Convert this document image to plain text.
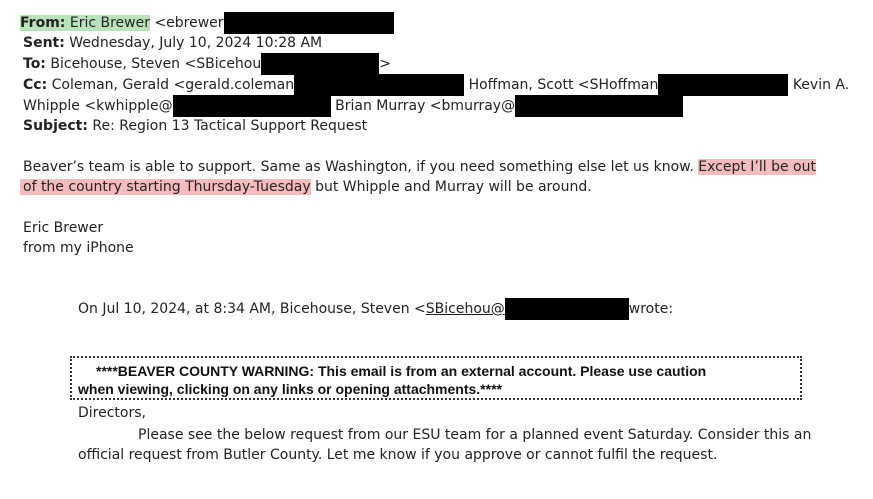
From: Eric Brewer <ebrewer
Sent: Wednesday, July 10, 2024 10:28 AM
To: Bicehouse, Steven <SBicehou	>
Cc: Coleman, Gerald <gerald.coleman	Hoffman, Scott <SHoffman	Kevin A.
Whipple <kwhipple@	Brian Murray <bmurray@
Subject: Re: Region 13 Tactical Support Request
Beaver’s team is able to support. Same as Washington, if you need something else let us know. Except I’ll be out
of the country starting Thursday-Tuesday but Whipple and Murray will be around.
Eric Brewer
from my iPhone
On Jul 10, 2024, at 8:34 AM, Bicehouse, Steven <SBicehou@	wrote:
****BEAVER COUNTY WARNING: This email is from an external account. Please use caution
when viewing, clicking on any links or opening attachments.****
Directors,
Please see the below request from our ESU team for a planned event Saturday. Consider this an
official request from Butler County. Let me know if you approve or cannot fulfil the request.
